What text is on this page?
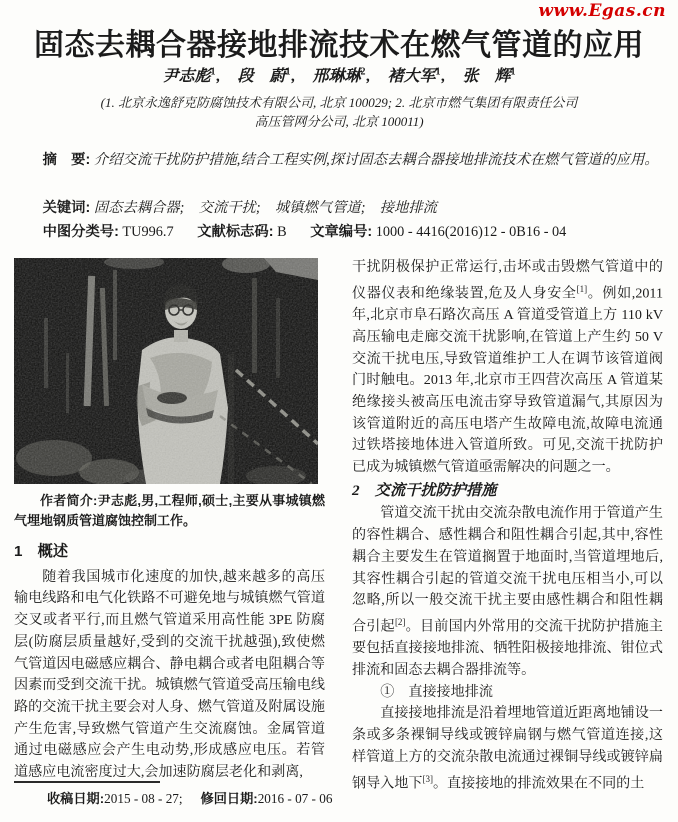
www.Egas.cn
固态去耦合器接地排流技术在燃气管道的应用
尹志彪$^1$, 段　蔚$^1$, 邢琳琳$^2$, 褚大军$^1$, 张　辉$^1$
(1. 北京永逸舒克防腐蚀技术有限公司, 北京 100029; 2. 北京市燃气集团有限责任公司
高压管网分公司, 北京 100011)
摘　要: 介绍交流干扰防护措施,结合工程实例,探讨固态去耦合器接地排流技术在燃气管道的应用。
关键词: 固态去耦合器;　交流干扰;　城镇燃气管道;　接地排流
中图分类号: TU996.7 文献标志码: B 文章编号: 1000 - 4416(2016)12 - 0B16 - 04
作者简介:尹志彪,男,工程师,硕士,主要从事城镇燃气埋地钢质管道腐蚀控制工作。
1　概述

随着我国城市化速度的加快,越来越多的高压输电线路和电气化铁路不可避免地与城镇燃气管道交叉或者平行,而且燃气管道采用高性能 3PE 防腐层(防腐层质量越好,受到的交流干扰越强),致使燃气管道因电磁感应耦合、静电耦合或者电阻耦合等因素而受到交流干扰。城镇燃气管道受高压输电线路的交流干扰主要会对人身、燃气管道及附属设施产生危害,导致燃气管道产生交流腐蚀。金属管道通过电磁感应会产生电动势,形成感应电压。若管道感应电流密度过大,会加速防腐层老化和剥离,

干扰阴极保护正常运行,击坏或击毁燃气管道中的仪器仪表和绝缘装置,危及人身安全[1]。例如,2011 年,北京市阜石路次高压 A 管道受管道上方 110 kV 高压输电走廊交流干扰影响,在管道上产生约 50 V 交流干扰电压,导致管道维护工人在调节该管道阀门时触电。2013 年,北京市王四营次高压 A 管道某绝缘接头被高压电流击穿导致管道漏气,其原因为该管道附近的高压电塔产生故障电流,故障电流通过铁塔接地体进入管道所致。可见,交流干扰防护已成为城镇燃气管道亟需解决的问题之一。

2　交流干扰防护措施

管道交流干扰由交流杂散电流作用于管道产生的容性耦合、感性耦合和阻性耦合引起,其中,容性耦合主要发生在管道搁置于地面时,当管道埋地后,其容性耦合引起的管道交流干扰电压相当小,可以忽略,所以一般交流干扰主要由感性耦合和阻性耦合引起[2]。目前国内外常用的交流干扰防护措施主要包括直接接地排流、牺牲阳极接地排流、钳位式排流和固态去耦合器排流等。

①　直接接地排流

直接接地排流是沿着埋地管道近距离地铺设一条或多条裸铜导线或镀锌扁钢与燃气管道连接,这样管道上方的交流杂散电流通过裸铜导线或镀锌扁钢导入地下[3]。直接接地的排流效果在不同的土

收稿日期:2015 - 08 - 27; 修回日期:2016 - 07 - 06
